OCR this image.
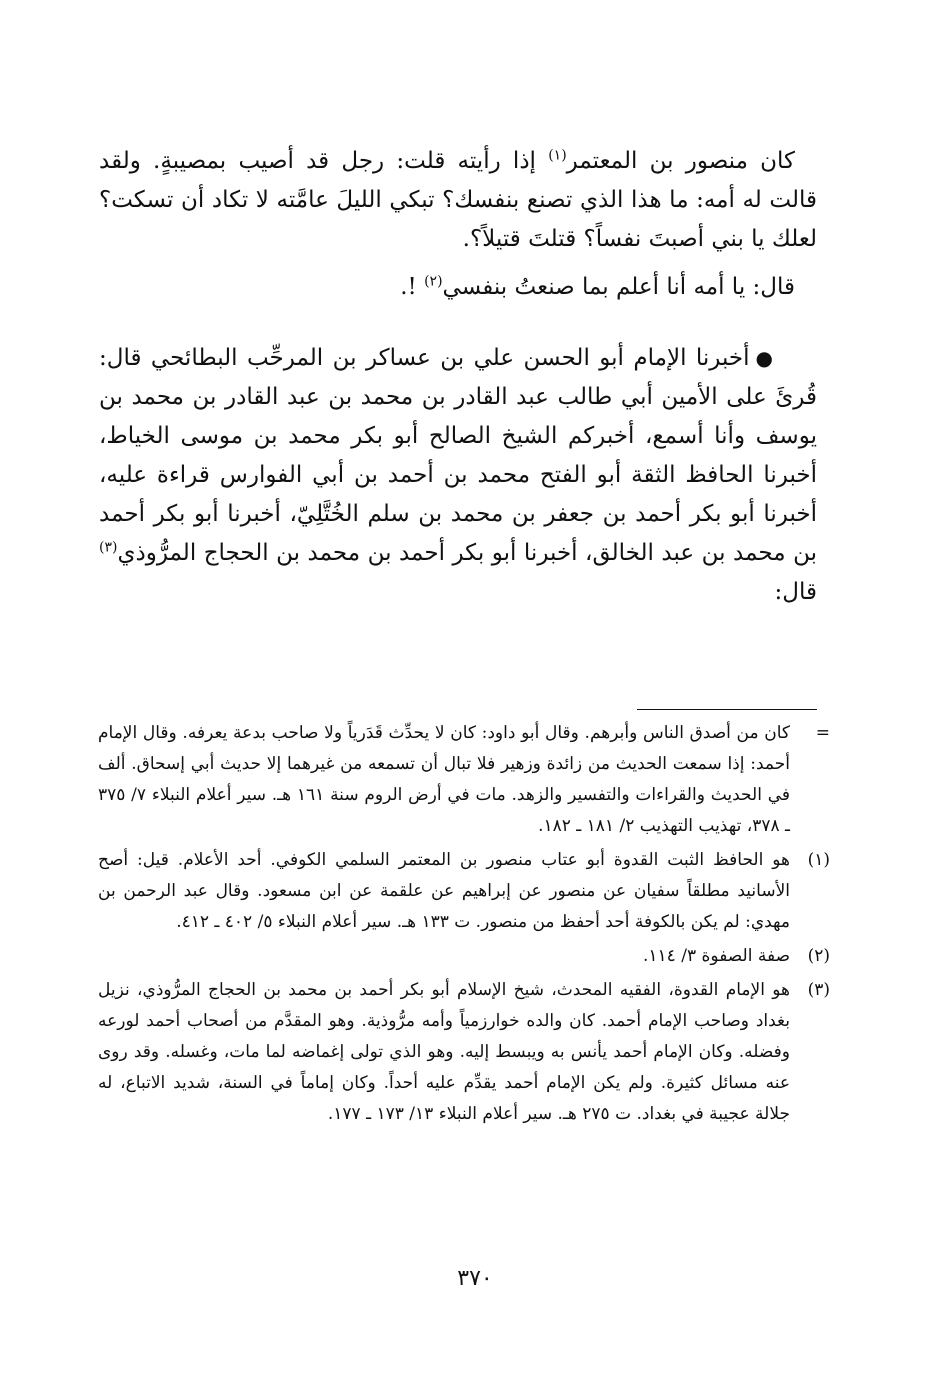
كان منصور بن المعتمر$^{(١)}$ إذا رأيته قلت: رجل قد أصيب بمصيبةٍ. ولقد قالت له أمه: ما هذا الذي تصنع بنفسك؟ تبكي الليلَ عامَّته لا تكاد أن تسكت؟ لعلك يا بني أصبتَ نفساً؟ قتلتَ قتيلاً؟.

قال: يا أمه أنا أعلم بما صنعتُ بنفسي$^{(٢)}$ !.

●أخبرنا الإمام أبو الحسن علي بن عساكر بن المرحِّب البطائحي قال: قُرئَ على الأمين أبي طالب عبد القادر بن محمد بن عبد القادر بن محمد بن يوسف وأنا أسمع، أخبركم الشيخ الصالح أبو بكر محمد بن موسى الخياط، أخبرنا الحافظ الثقة أبو الفتح محمد بن أحمد بن أبي الفوارس قراءة عليه، أخبرنا أبو بكر أحمد بن جعفر بن محمد بن سلم الخُتَّلِيّ، أخبرنا أبو بكر أحمد بن محمد بن عبد الخالق، أخبرنا أبو بكر أحمد بن محمد بن الحجاج المرُّوذي$^{(٣)}$ قال:

=
كان من أصدق الناس وأبرهم. وقال أبو داود: كان لا يحدِّث قَدَرياً ولا صاحب بدعة يعرفه. وقال الإمام أحمد: إذا سمعت الحديث من زائدة وزهير فلا تبال أن تسمعه من غيرهما إلا حديث أبي إسحاق. ألف في الحديث والقراءات والتفسير والزهد. مات في أرض الروم سنة ١٦١ هـ. سير أعلام النبلاء ٧/ ٣٧٥ ـ ٣٧٨، تهذيب التهذيب ٢/ ١٨١ ـ ١٨٢.
(١)
هو الحافظ الثبت القدوة أبو عتاب منصور بن المعتمر السلمي الكوفي. أحد الأعلام. قيل: أصح الأسانيد مطلقاً سفيان عن منصور عن إبراهيم عن علقمة عن ابن مسعود. وقال عبد الرحمن بن مهدي: لم يكن بالكوفة أحد أحفظ من منصور. ت ١٣٣ هـ. سير أعلام النبلاء ٥/ ٤٠٢ ـ ٤١٢.
(٢)
صفة الصفوة ٣/ ١١٤.
(٣)
هو الإمام القدوة، الفقيه المحدث، شيخ الإسلام أبو بكر أحمد بن محمد بن الحجاج المرُّوذي، نزيل بغداد وصاحب الإمام أحمد. كان والده خوارزمياً وأمه مرُّوذية. وهو المقدَّم من أصحاب أحمد لورعه وفضله. وكان الإمام أحمد يأنس به ويبسط إليه. وهو الذي تولى إغماضه لما مات، وغسله. وقد روى عنه مسائل كثيرة. ولم يكن الإمام أحمد يقدِّم عليه أحداً. وكان إماماً في السنة، شديد الاتباع، له جلالة عجيبة في بغداد. ت ٢٧٥ هـ. سير أعلام النبلاء ١٣/ ١٧٣ ـ ١٧٧.
٣٧٠
